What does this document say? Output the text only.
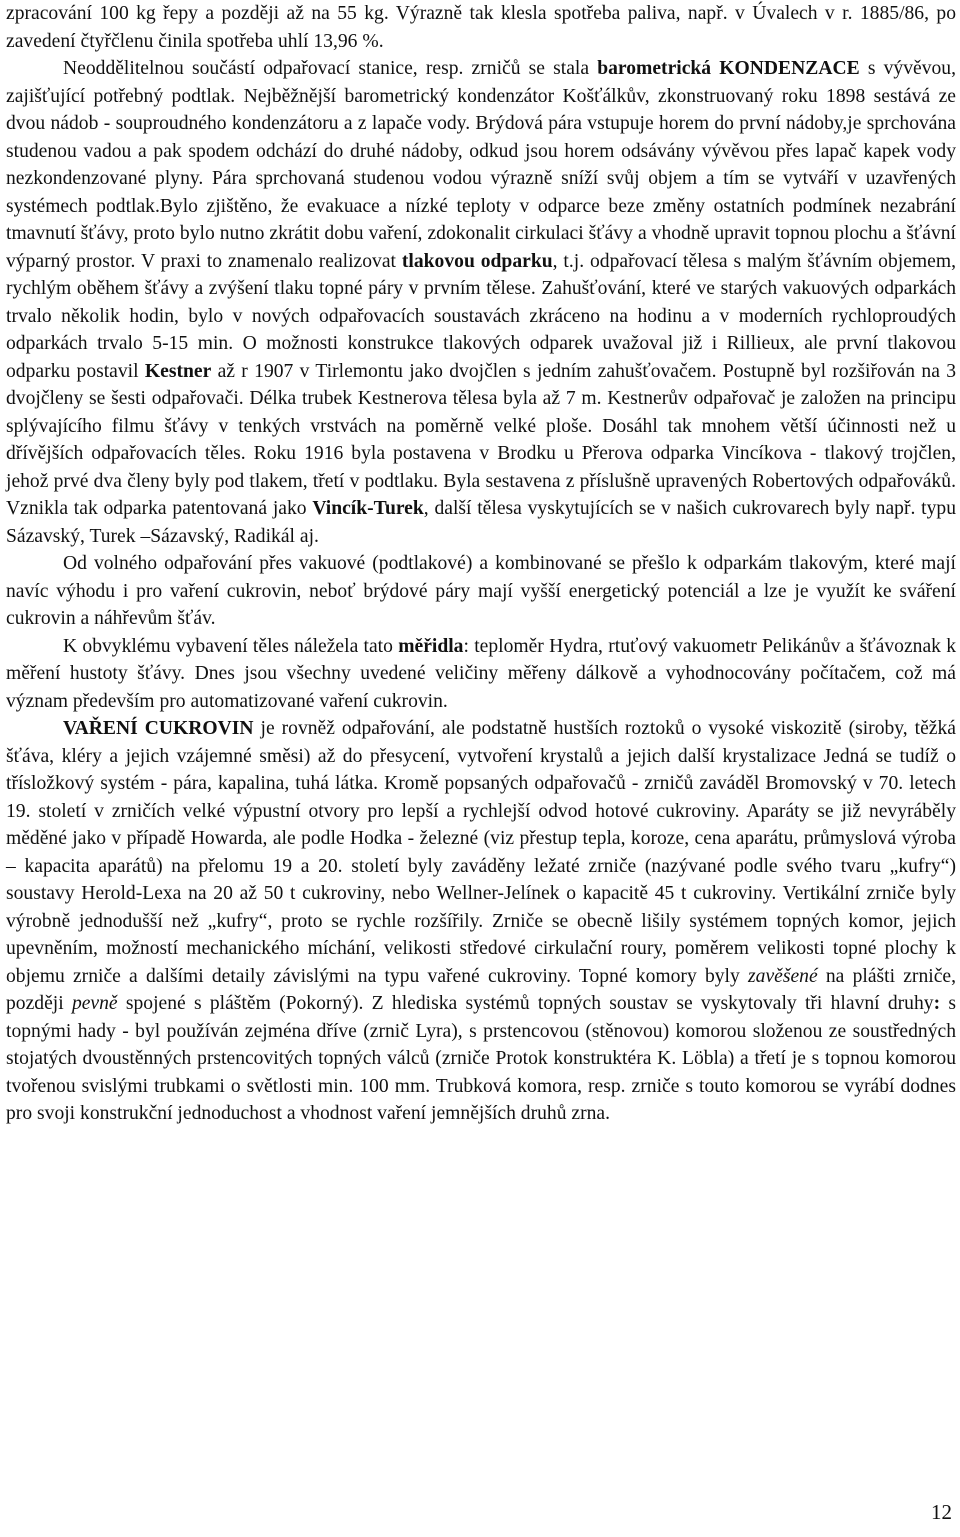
zpracování 100 kg řepy a později až na 55 kg. Výrazně tak klesla spotřeba paliva, např. v Úvalech v r. 1885/86, po zavedení čtyřčlenu činila spotřeba uhlí 13,96 %.

Neoddělitelnou součástí odpařovací stanice, resp. zrničů se stala barometrická KONDENZACE s vývěvou, zajišťující potřebný podtlak. Nejběžnější barometrický kondenzátor Košťálkův, zkonstruovaný roku 1898 sestává ze dvou nádob - souproudného kondenzátoru a z lapače vody. Brýdová pára vstupuje horem do první nádoby,je sprchována studenou vadou a pak spodem odchází do druhé nádoby, odkud jsou horem odsávány vývěvou přes lapač kapek vody nezkondenzované plyny. Pára sprchovaná studenou vodou výrazně sníží svůj objem a tím se vytváří v uzavřených systémech podtlak.Bylo zjištěno, že evakuace a nízké teploty v odparce beze změny ostatních podmínek nezabrání tmavnutí šťávy, proto bylo nutno zkrátit dobu vaření, zdokonalit cirkulaci šťávy a vhodně upravit topnou plochu a šťávní výparný prostor. V praxi to znamenalo realizovat tlakovou odparku, t.j. odpařovací tělesa s malým šťávním objemem, rychlým oběhem šťávy a zvýšení tlaku topné páry v prvním tělese. Zahušťování, které ve starých vakuových odparkách trvalo několik hodin, bylo v nových odpařovacích soustavách zkráceno na hodinu a v moderních rychloproudých odparkách trvalo 5-15 min. O možnosti konstrukce tlakových odparek uvažoval již i Rillieux, ale první tlakovou odparku postavil Kestner až r 1907 v Tirlemontu jako dvojčlen s jedním zahušťovačem. Postupně byl rozšiřován na 3 dvojčleny se šesti odpařovači. Délka trubek Kestnerova tělesa byla až 7 m. Kestnerův odpařovač je založen na principu splývajícího filmu šťávy v tenkých vrstvách na poměrně velké ploše. Dosáhl tak mnohem větší účinnosti než u dřívějších odpařovacích těles. Roku 1916 byla postavena v Brodku u Přerova odparka Vincíkova - tlakový trojčlen, jehož prvé dva členy byly pod tlakem, třetí v podtlaku. Byla sestavena z příslušně upravených Robertových odpařováků. Vznikla tak odparka patentovaná jako Vincík-Turek, další tělesa vyskytujících se v našich cukrovarech byly např. typu Sázavský, Turek –Sázavský, Radikál aj.

Od volného odpařování přes vakuové (podtlakové) a kombinované se přešlo k odparkám tlakovým, které mají navíc výhodu i pro vaření cukrovin, neboť brýdové páry mají vyšší energetický potenciál a lze je využít ke sváření cukrovin a náhřevům šťáv.

K obvyklému vybavení těles náležela tato měřidla: teploměr Hydra, rtuťový vakuometr Pelikánův a šťávoznak k měření hustoty šťávy. Dnes jsou všechny uvedené veličiny měřeny dálkově a vyhodnocovány počítačem, což má význam především pro automatizované vaření cukrovin.

VAŘENÍ CUKROVIN je rovněž odpařování, ale podstatně hustších roztoků o vysoké viskozitě (siroby, těžká šťáva, kléry a jejich vzájemné směsi) až do přesycení, vytvoření krystalů a jejich další krystalizace Jedná se tudíž o třísložkový systém - pára, kapalina, tuhá látka. Kromě popsaných odpařovačů - zrničů zaváděl Bromovský v 70. letech 19. století v zrničích velké výpustní otvory pro lepší a rychlejší odvod hotové cukroviny. Aparáty se již nevyráběly měděné jako v případě Howarda, ale podle Hodka - železné (viz přestup tepla, koroze, cena aparátu, průmyslová výroba – kapacita aparátů) na přelomu 19 a 20. století byly zaváděny ležaté zrniče (nazývané podle svého tvaru „kufry“) soustavy Herold-Lexa na 20 až 50 t cukroviny, nebo Wellner-Jelínek o kapacitě 45 t cukroviny. Vertikální zrniče byly výrobně jednodušší než „kufry“, proto se rychle rozšířily. Zrniče se obecně lišily systémem topných komor, jejich upevněním, možností mechanického míchání, velikosti středové cirkulační roury, poměrem velikosti topné plochy k objemu zrniče a dalšími detaily závislými na typu vařené cukroviny. Topné komory byly zavěšené na plášti zrniče, později pevně spojené s pláštěm (Pokorný). Z hlediska systémů topných soustav se vyskytovaly tři hlavní druhy: s topnými hady - byl používán zejména dříve (zrnič Lyra), s prstencovou (stěnovou) komorou složenou ze soustředných stojatých dvoustěnných prstencovitých topných válců (zrniče Protok konstruktéra K. Löbla) a třetí je s topnou komorou tvořenou svislými trubkami o světlosti min. 100 mm. Trubková komora, resp. zrniče s touto komorou se vyrábí dodnes pro svoji konstrukční jednoduchost a vhodnost vaření jemnějších druhů zrna.

12
